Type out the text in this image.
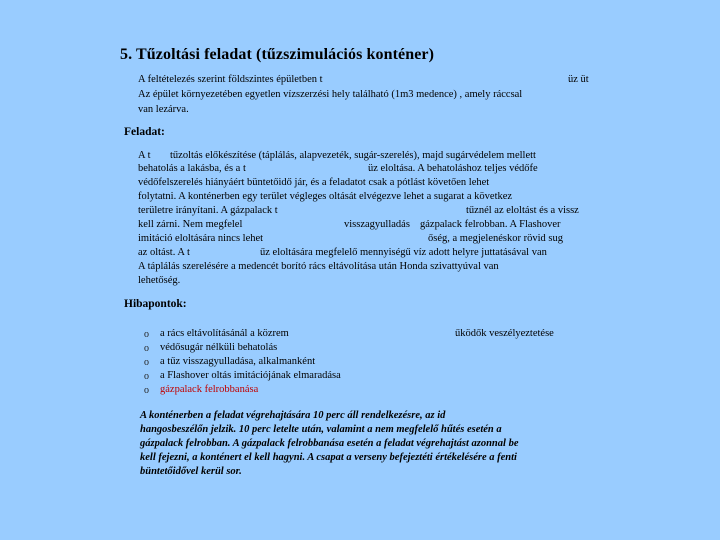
5. Tűzoltási feladat (tűzszimulációs konténer)
A feltételezés szerint földszintes épületben t	üz üt
Az épület környezetében egyetlen vízszerzési hely található (1m3 medence) , amely ráccsal
van lezárva.
Feladat:
A t tűzoltás előkészítése (táplálás, alapvezeték, sugár-szerelés), majd sugárvédelem mellett
behatolás a lakásba, és a t	üz eloltása. A behatoláshoz teljes védőfe
védőfelszerelés hiányáért büntetőidő jár, és a feladatot csak a pótlást követően lehet
folytatni. A konténerben egy terület végleges oltását elvégezve lehet a sugarat a következ
területre irányítani. A gázpalack t	tűznél az eloltást és a vissz
kell zárni. Nem megfelel	visszagyulladás gázpalack felrobban. A Flashover
imitáció eloltására nincs lehet	őség, a megjelenéskor rövid sug
az oltást. A t	űz eloltására megfelelő mennyiségű víz adott helyre juttatásával van
A táplálás szerelésére a medencét borító rács eltávolítása után Honda szivattyúval van
lehetőség.
Hibapontok:
o a rács eltávolításánál a közrem	űködők veszélyeztetése
o védősugár nélküli behatolás
o a tűz visszagyulladása, alkalmanként
o a Flashover oltás imitációjának elmaradása
o gázpalack felrobbanása
A konténerben a feladat végrehajtására 10 perc áll rendelkezésre, az id
hangosbeszélőn jelzik. 10 perc letelte után, valamint a nem megfelelő hűtés esetén a
gázpalack felrobban. A gázpalack felrobbanása esetén a feladat végrehajtást azonnal be
kell fejezni, a konténert el kell hagyni. A csapat a verseny befejeztéti értékelésére a fenti
büntetőidővel kerül sor.
